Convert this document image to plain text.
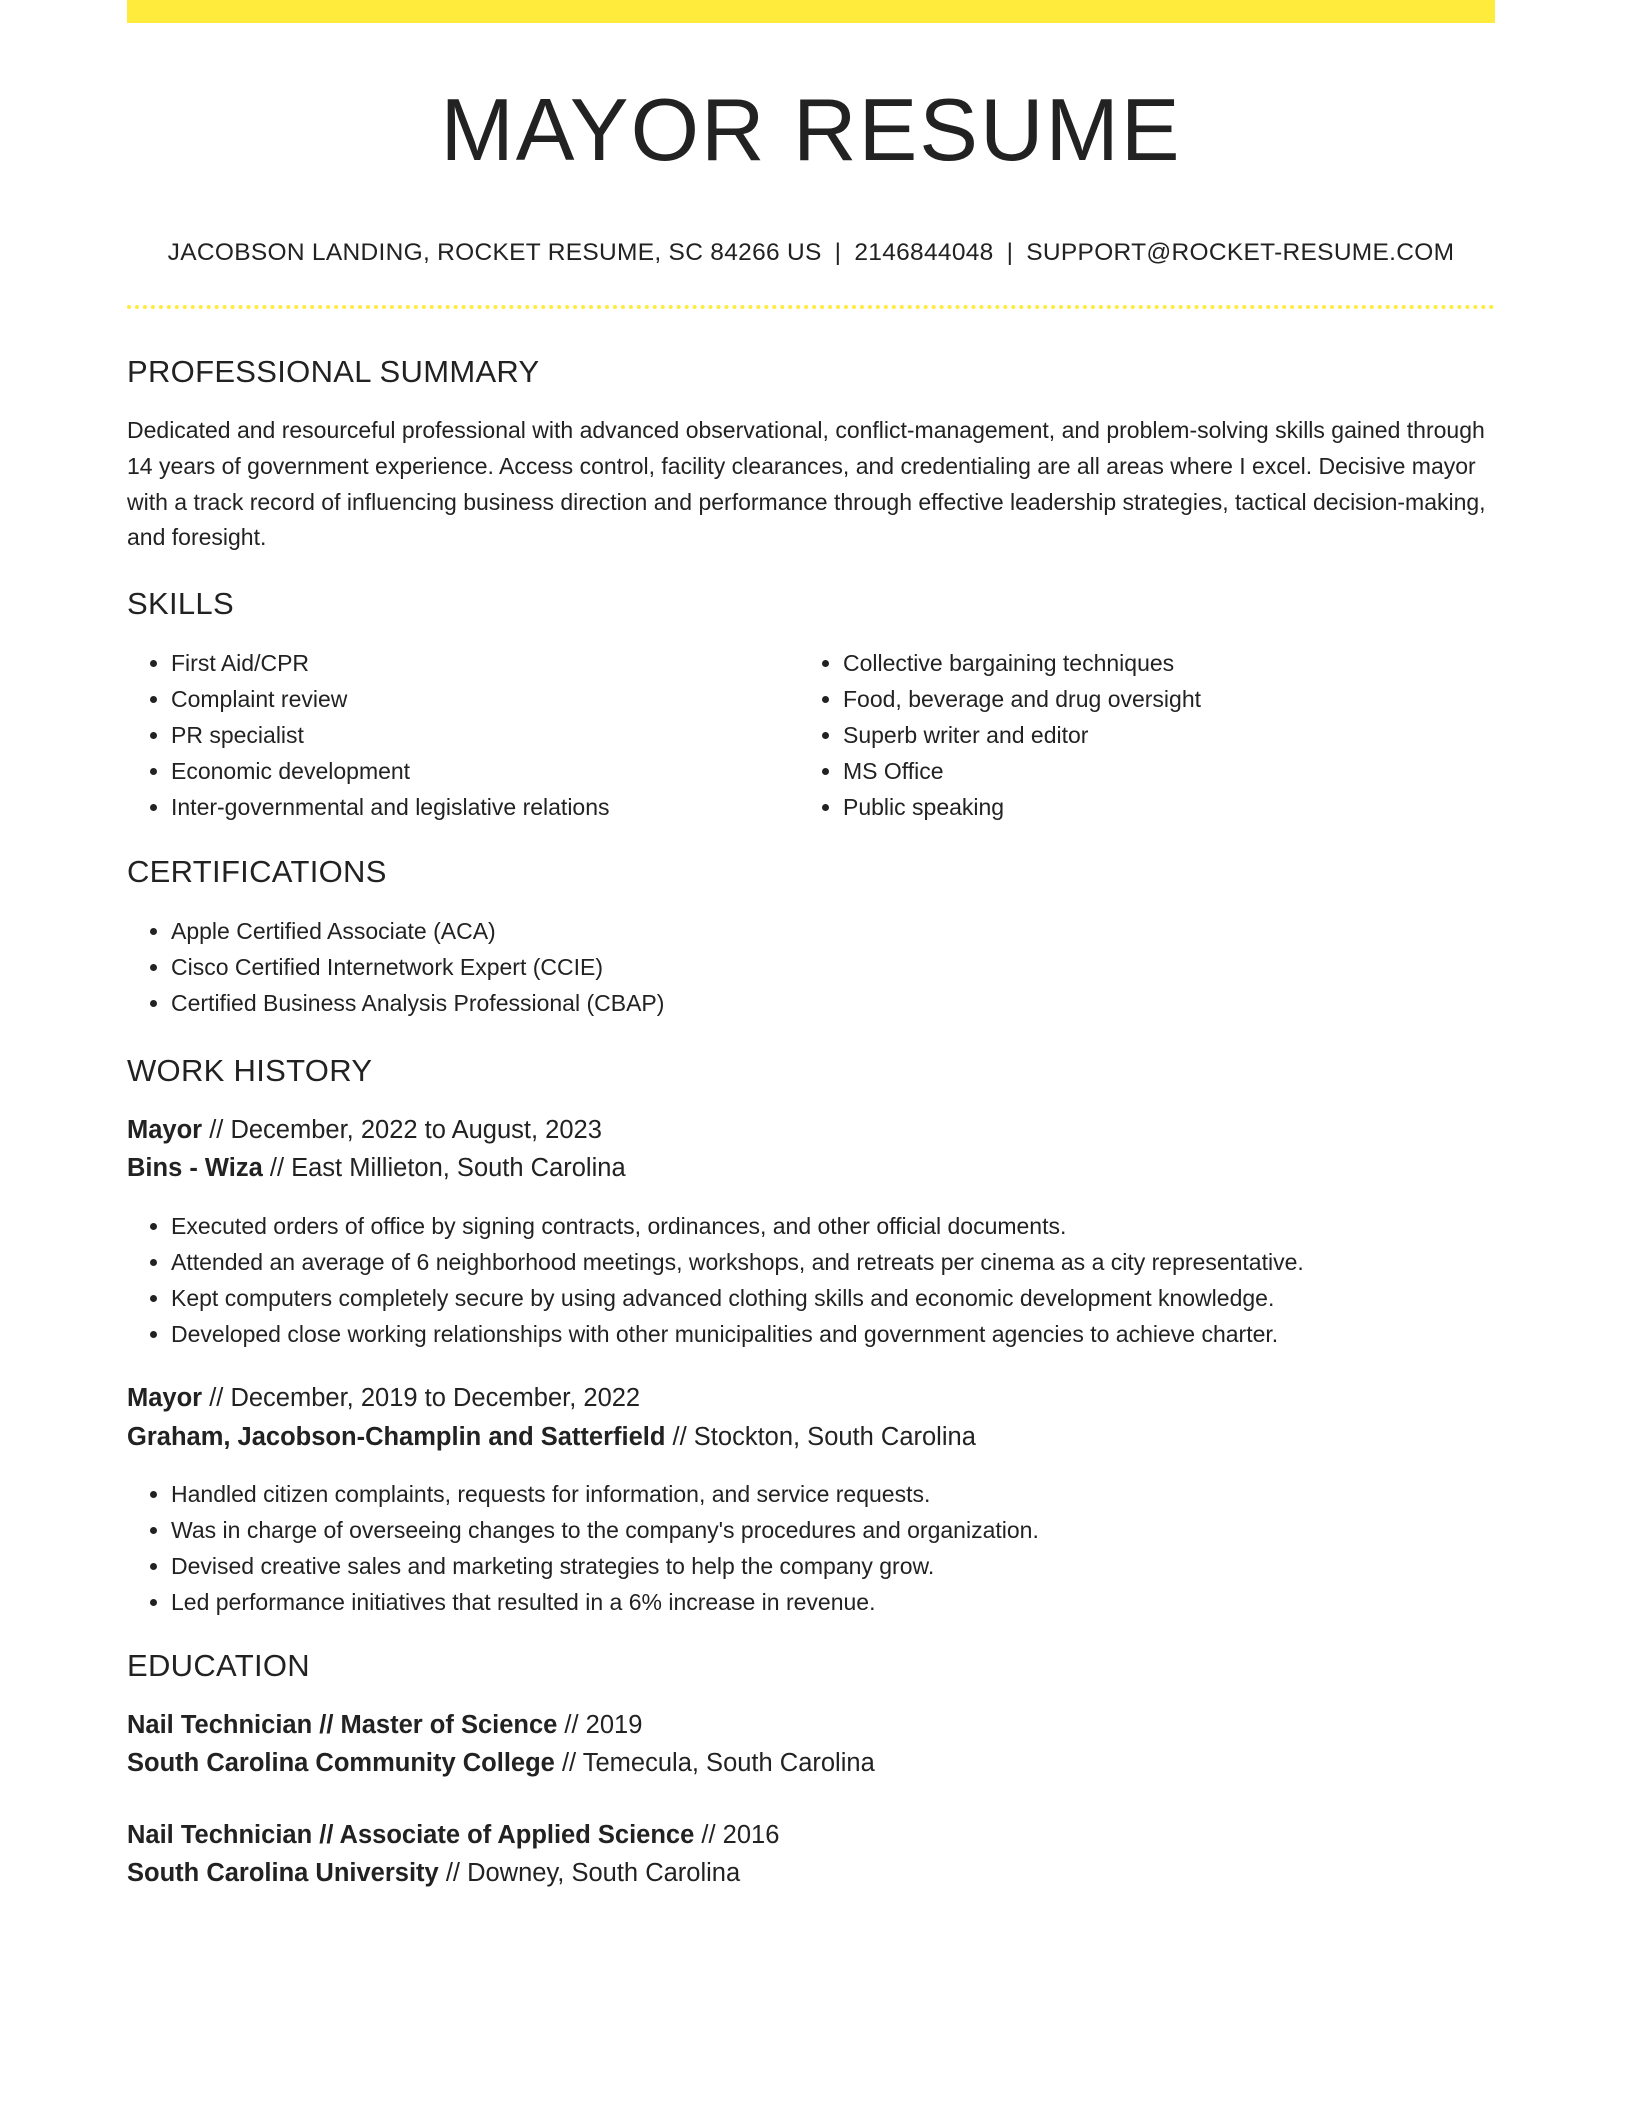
MAYOR RESUME
JACOBSON LANDING, ROCKET RESUME, SC 84266 US | 2146844048 | SUPPORT@ROCKET-RESUME.COM
PROFESSIONAL SUMMARY
Dedicated and resourceful professional with advanced observational, conflict-management, and problem-solving skills gained through 14 years of government experience. Access control, facility clearances, and credentialing are all areas where I excel. Decisive mayor with a track record of influencing business direction and performance through effective leadership strategies, tactical decision-making, and foresight.
SKILLS
• First Aid/CPR
• Complaint review
• PR specialist
• Economic development
• Inter-governmental and legislative relations
• Collective bargaining techniques
• Food, beverage and drug oversight
• Superb writer and editor
• MS Office
• Public speaking
CERTIFICATIONS
• Apple Certified Associate (ACA)
• Cisco Certified Internetwork Expert (CCIE)
• Certified Business Analysis Professional (CBAP)
WORK HISTORY
Mayor // December, 2022 to August, 2023
Bins - Wiza // East Millieton, South Carolina
• Executed orders of office by signing contracts, ordinances, and other official documents.
• Attended an average of 6 neighborhood meetings, workshops, and retreats per cinema as a city representative.
• Kept computers completely secure by using advanced clothing skills and economic development knowledge.
• Developed close working relationships with other municipalities and government agencies to achieve charter.
Mayor // December, 2019 to December, 2022
Graham, Jacobson-Champlin and Satterfield // Stockton, South Carolina
• Handled citizen complaints, requests for information, and service requests.
• Was in charge of overseeing changes to the company's procedures and organization.
• Devised creative sales and marketing strategies to help the company grow.
• Led performance initiatives that resulted in a 6% increase in revenue.
EDUCATION
Nail Technician // Master of Science // 2019
South Carolina Community College // Temecula, South Carolina
Nail Technician // Associate of Applied Science // 2016
South Carolina University // Downey, South Carolina
